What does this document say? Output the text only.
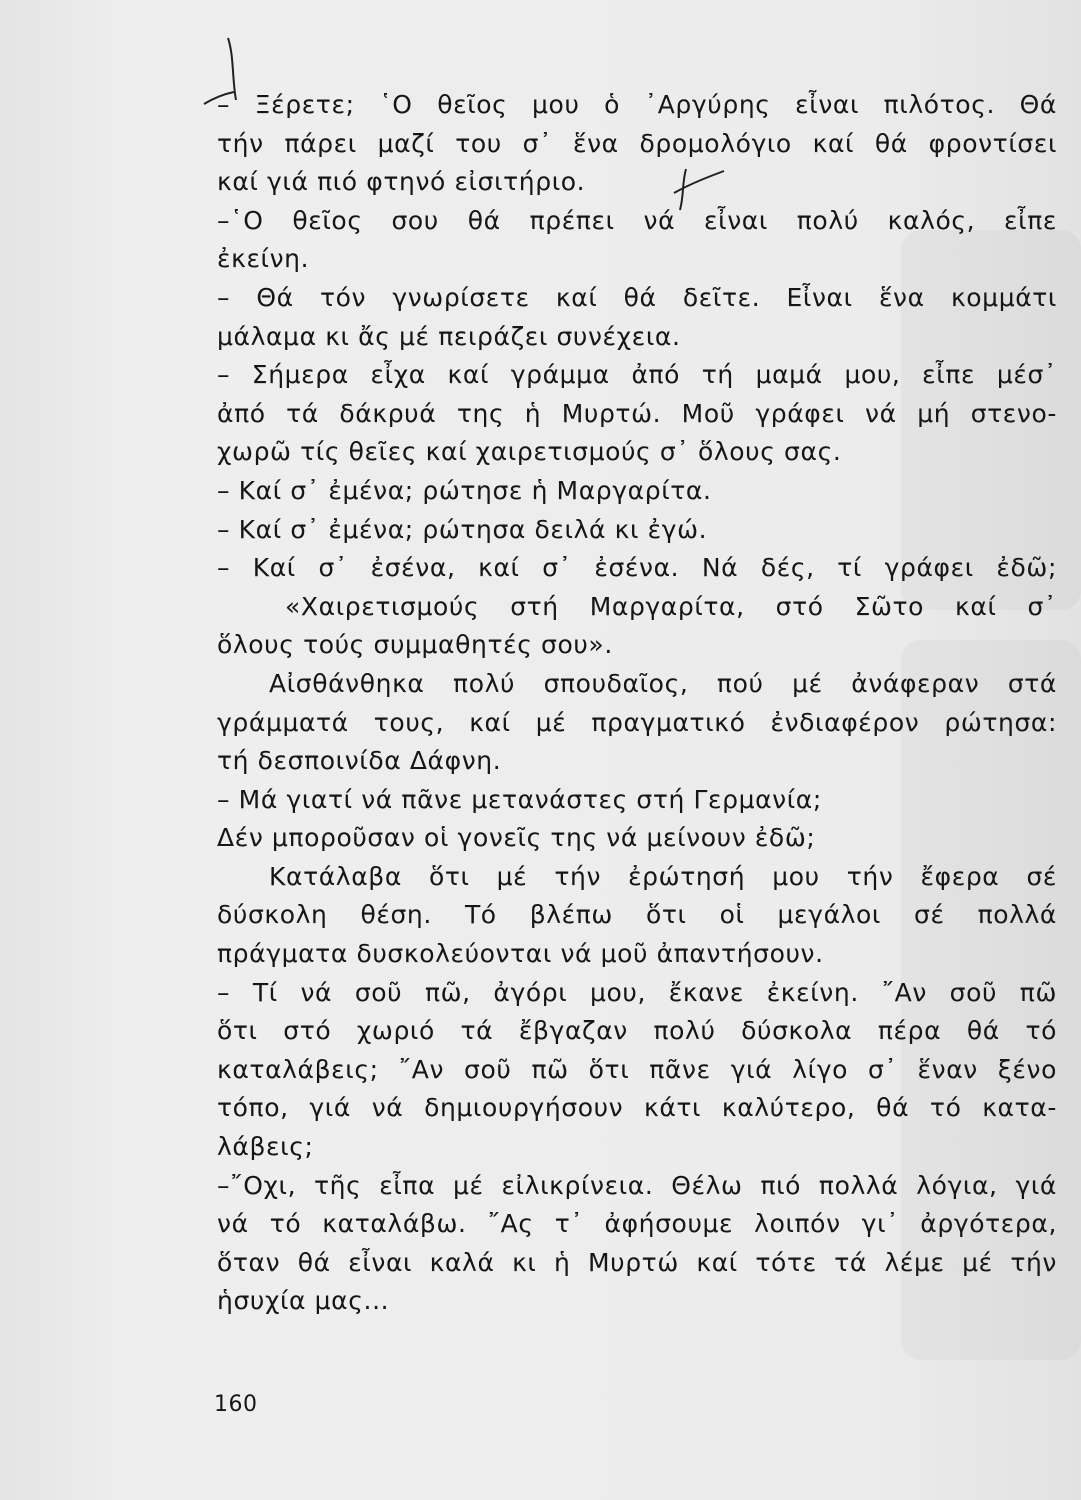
– Ξέρετε; ῾Ο θεῖος μου ὁ ᾿Αργύρης εἶναι πιλότος. Θά
τήν πάρει μαζί του σ᾿ ἕνα δρομολόγιο καί θά φροντίσει
καί γιά πιό φτηνό εἰσιτήριο.
–῾Ο θεῖος σου θά πρέπει νά εἶναι πολύ καλός, εἶπε
ἐκείνη.
– Θά τόν γνωρίσετε καί θά δεῖτε. Εἶναι ἕνα κομμάτι
μάλαμα κι ἄς μέ πειράζει συνέχεια.
– Σήμερα εἶχα καί γράμμα ἀπό τή μαμά μου, εἶπε μέσ᾿
ἀπό τά δάκρυά της ἡ Μυρτώ. Μοῦ γράφει νά μή στενο-
χωρῶ τίς θεῖες καί χαιρετισμούς σ᾿ ὅλους σας.
– Καί σ᾿ ἐμένα; ρώτησε ἡ Μαργαρίτα.
– Καί σ᾿ ἐμένα; ρώτησα δειλά κι ἐγώ.
– Καί σ᾿ ἐσένα, καί σ᾿ ἐσένα. Νά δές, τί γράφει ἐδῶ;
«Χαιρετισμούς στή Μαργαρίτα, στό Σῶτο καί σ᾿
ὅλους τούς συμμαθητές σου».
Αἰσθάνθηκα πολύ σπουδαῖος, πού μέ ἀνάφεραν στά
γράμματά τους, καί μέ πραγματικό ἐνδιαφέρον ρώτησα:
τή δεσποινίδα Δάφνη.
– Μά γιατί νά πᾶνε μετανάστες στή Γερμανία;
Δέν μποροῦσαν οἱ γονεῖς της νά μείνουν ἐδῶ;
Κατάλαβα ὅτι μέ τήν ἐρώτησή μου τήν ἔφερα σέ
δύσκολη θέση. Τό βλέπω ὅτι οἱ μεγάλοι σέ πολλά
πράγματα δυσκολεύονται νά μοῦ ἀπαντήσουν.
– Τί νά σοῦ πῶ, ἀγόρι μου, ἔκανε ἐκείνη. ῎Αν σοῦ πῶ
ὅτι στό χωριό τά ἔβγαζαν πολύ δύσκολα πέρα θά τό
καταλάβεις; ῎Αν σοῦ πῶ ὅτι πᾶνε γιά λίγο σ᾿ ἕναν ξένο
τόπο, γιά νά δημιουργήσουν κάτι καλύτερο, θά τό κατα-
λάβεις;
–῎Οχι, τῆς εἶπα μέ εἰλικρίνεια. Θέλω πιό πολλά λόγια, γιά
νά τό καταλάβω. ῎Ας τ᾿ ἀφήσουμε λοιπόν γι᾿ ἀργότερα,
ὅταν θά εἶναι καλά κι ἡ Μυρτώ καί τότε τά λέμε μέ τήν
ἡσυχία μας...
160
